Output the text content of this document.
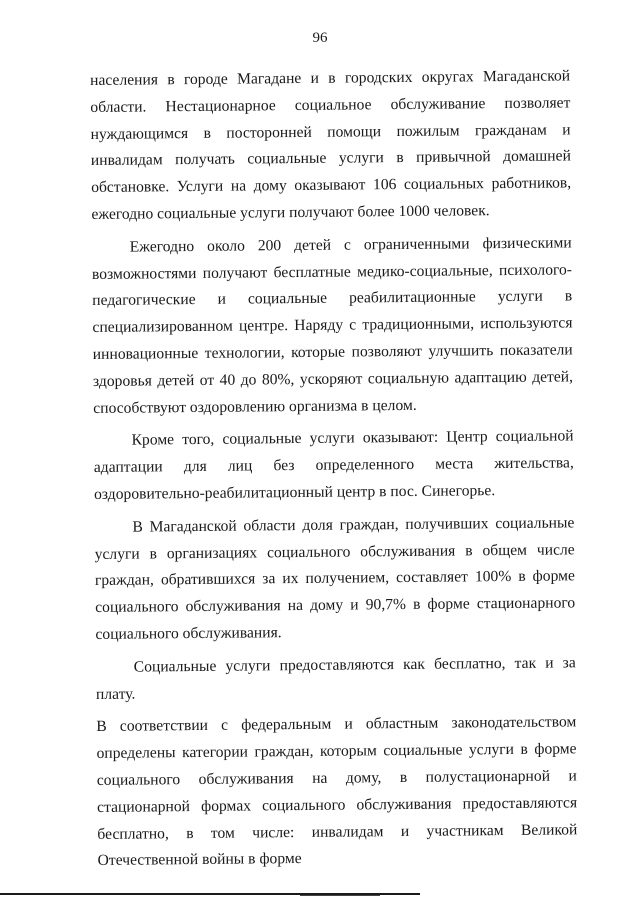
96

населения в городе Магадане и в городских округах Магаданской области. Нестационарное социальное обслуживание позволяет нуждающимся в посторонней помощи пожилым гражданам и инвалидам получать социальные услуги в привычной домашней обстановке. Услуги на дому оказывают 106 социальных работников, ежегодно социальные услуги получают более 1000 человек.

Ежегодно около 200 детей с ограниченными физическими возможностями получают бесплатные медико-социальные, психолого-педагогические и социальные реабилитационные услуги в специализированном центре. Наряду с традиционными, используются инновационные технологии, которые позволяют улучшить показатели здоровья детей от 40 до 80%, ускоряют социальную адаптацию детей, способствуют оздоровлению организма в целом.

Кроме того, социальные услуги оказывают: Центр социальной адаптации для лиц без определенного места жительства, оздоровительно-реабилитационный центр в пос. Синегорье.

В Магаданской области доля граждан, получивших социальные услуги в организациях социального обслуживания в общем числе граждан, обратившихся за их получением, составляет 100% в форме социального обслуживания на дому и 90,7% в форме стационарного социального обслуживания.

Социальные услуги предоставляются как бесплатно, так и за плату.

В соответствии с федеральным и областным законодательством определены категории граждан, которым социальные услуги в форме социального обслуживания на дому, в полустационарной и стационарной формах социального обслуживания предоставляются бесплатно, в том числе: инвалидам и участникам Великой Отечественной войны в форме
